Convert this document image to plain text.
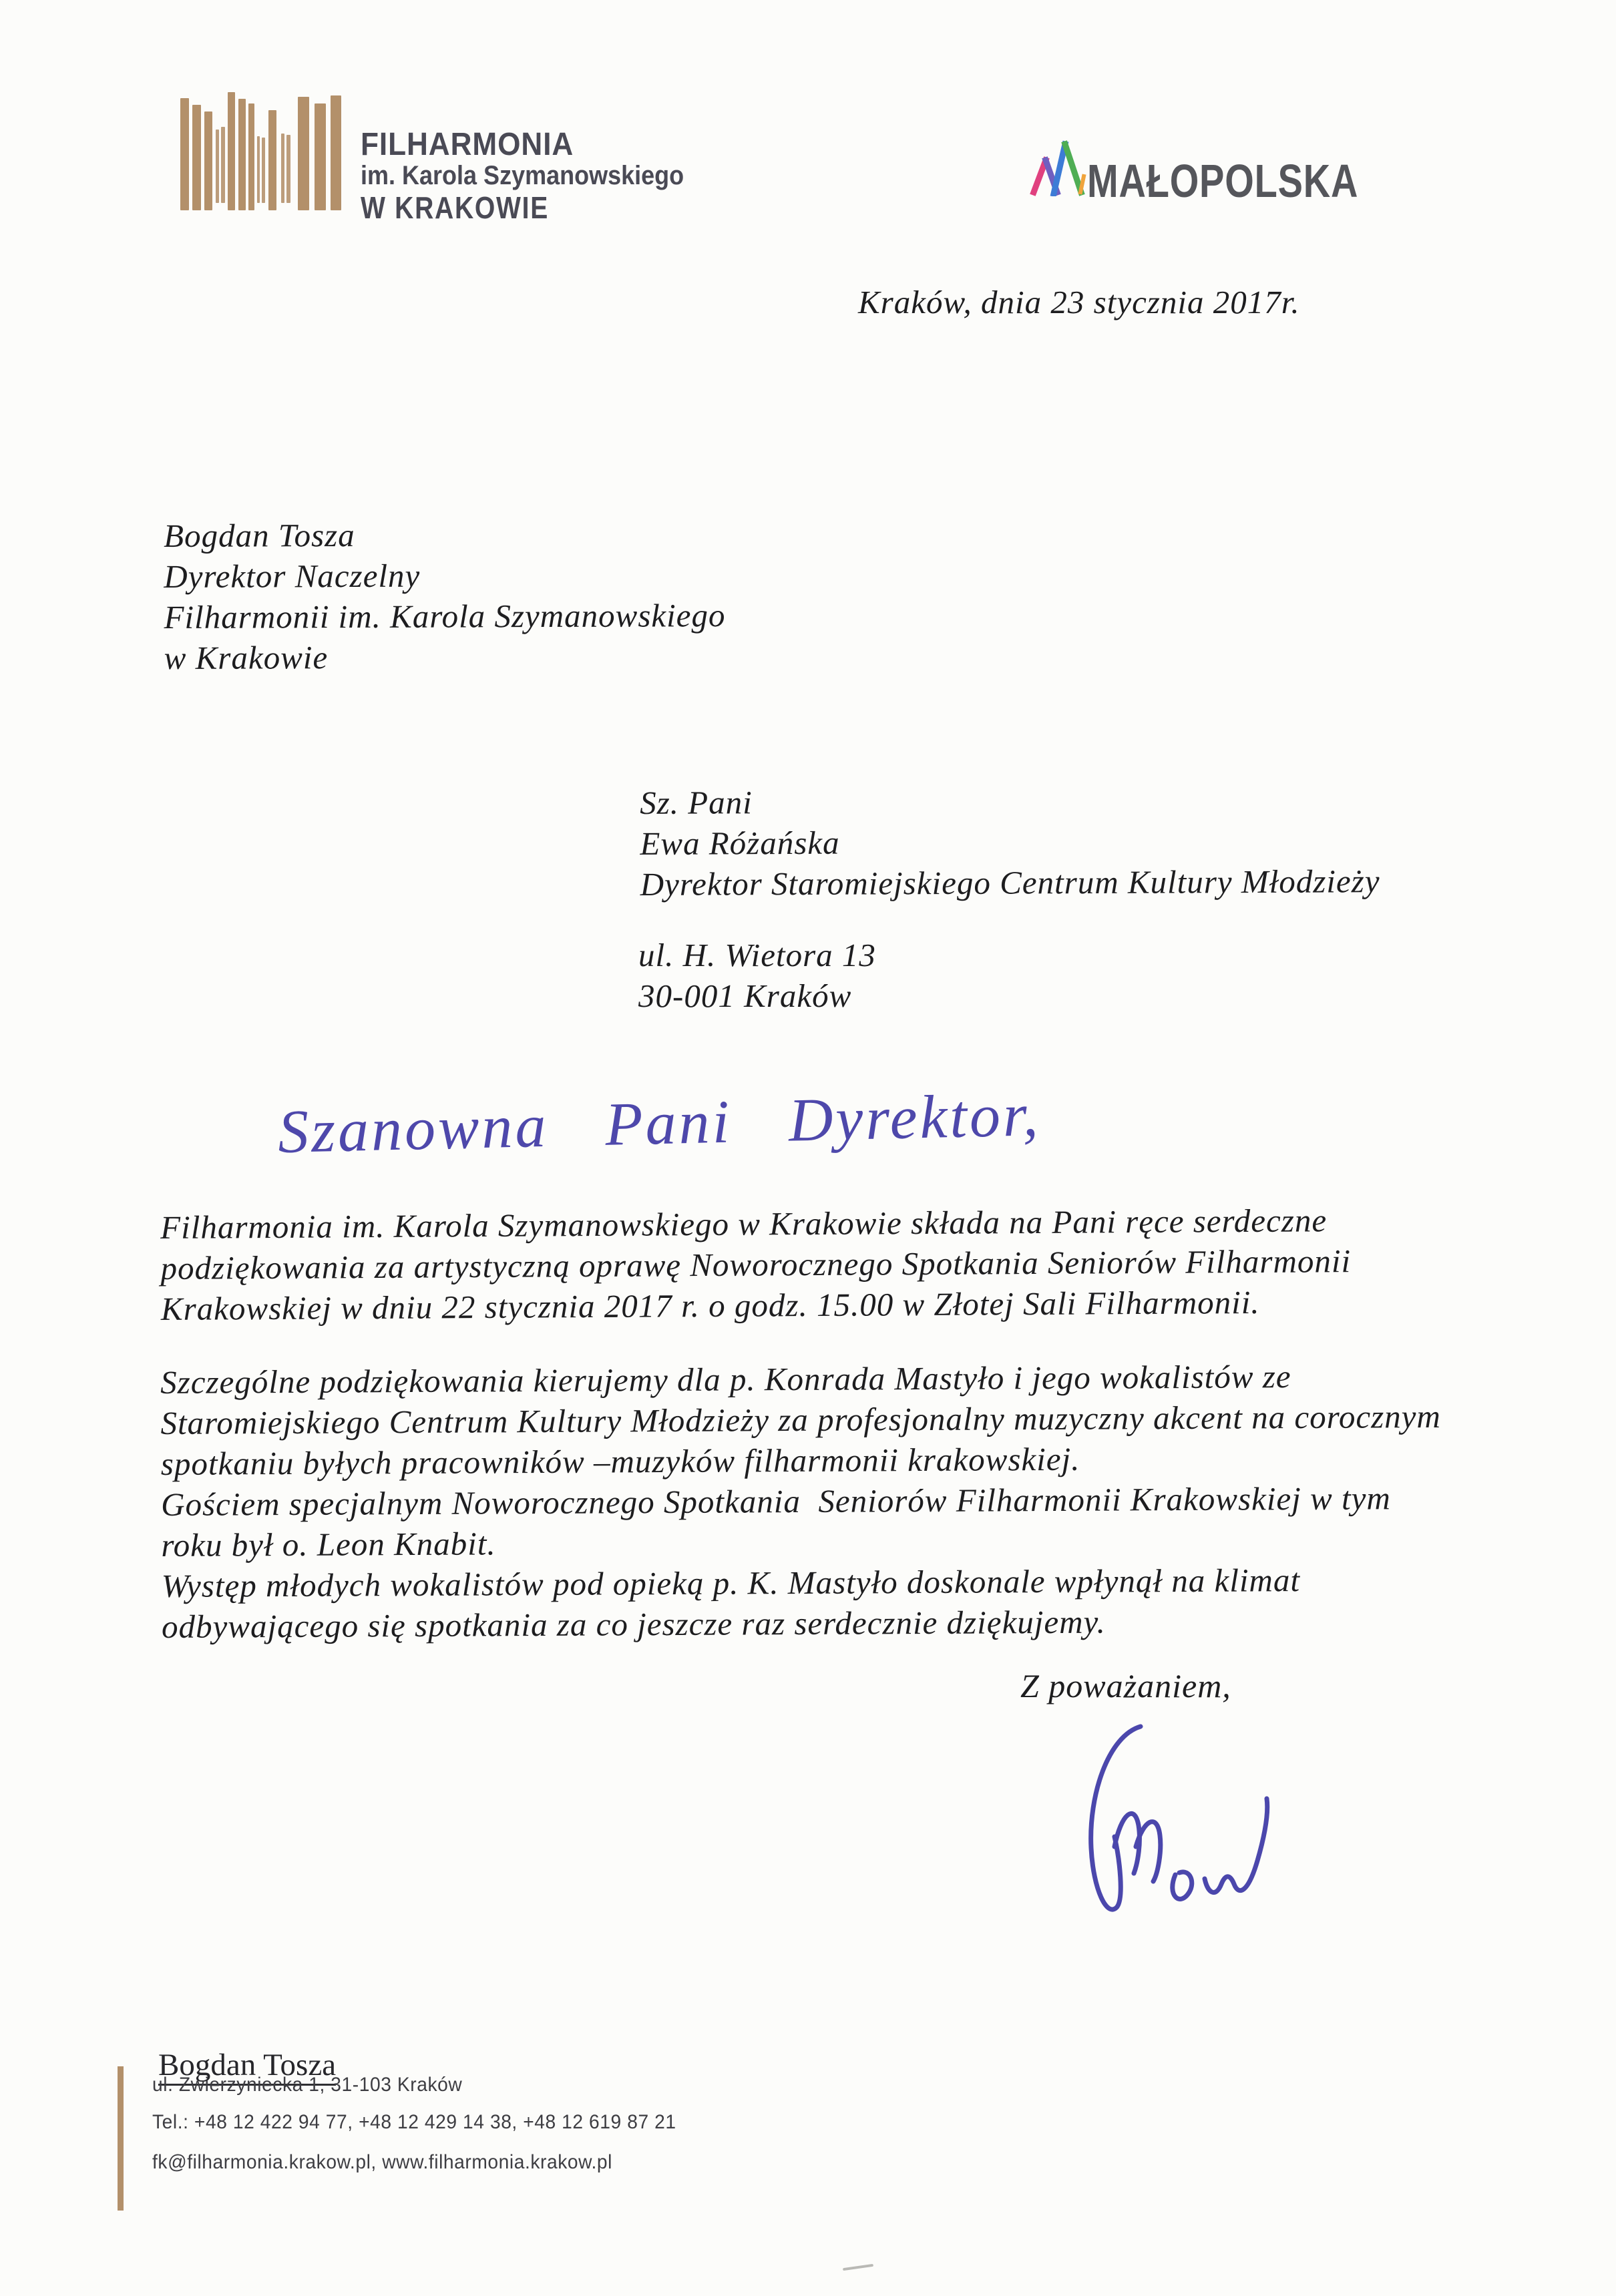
FILHARMONIA
im. Karola Szymanowskiego
W KRAKOWIE
MAŁOPOLSKA
Kraków, dnia 23 stycznia 2017r.
Bogdan Tosza
Dyrektor Naczelny
Filharmonii im. Karola Szymanowskiego
w Krakowie
Sz. Pani
Ewa Różańska
Dyrektor Staromiejskiego Centrum Kultury Młodzieży
ul. H. Wietora 13
30-001 Kraków
Szanowna Pani Dyrektor,
Filharmonia im. Karola Szymanowskiego w Krakowie składa na Pani ręce serdeczne
podziękowania za artystyczną oprawę Noworocznego Spotkania Seniorów Filharmonii
Krakowskiej w dniu 22 stycznia 2017 r. o godz. 15.00 w Złotej Sali Filharmonii.
Szczególne podziękowania kierujemy dla p. Konrada Mastyło i jego wokalistów ze
Staromiejskiego Centrum Kultury Młodzieży za profesjonalny muzyczny akcent na corocznym
spotkaniu byłych pracowników –muzyków filharmonii krakowskiej.
Gościem specjalnym Noworocznego Spotkania  Seniorów Filharmonii Krakowskiej w tym
roku był o. Leon Knabit.
Występ młodych wokalistów pod opieką p. K. Mastyło doskonale wpłynął na klimat
odbywającego się spotkania za co jeszcze raz serdecznie dziękujemy.
Z poważaniem,
Bogdan Tosza
ul. Zwierzyniecka 1, 31-103 Kraków
Tel.: +48 12 422 94 77, +48 12 429 14 38, +48 12 619 87 21
fk@filharmonia.krakow.pl, www.filharmonia.krakow.pl
